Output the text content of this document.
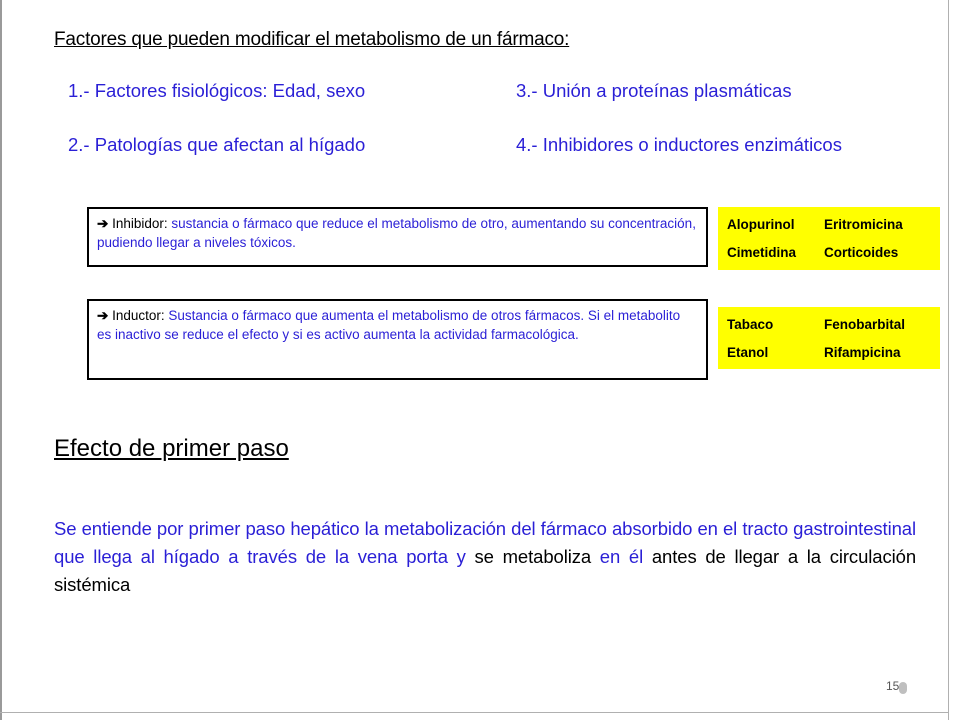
Factores que pueden modificar el metabolismo de un fármaco:
1.- Factores fisiológicos: Edad, sexo
2.- Patologías que afectan al hígado
3.- Unión a proteínas plasmáticas
4.- Inhibidores o inductores enzimáticos
➔ Inhibidor: sustancia o fármaco que reduce el metabolismo de otro, aumentando su concentración, pudiendo llegar a niveles tóxicos.
Alopurinol Eritromicina
Cimetidina Corticoides
➔ Inductor: Sustancia o fármaco que aumenta el metabolismo de otros fármacos. Si el metabolito es inactivo se reduce el efecto y si es activo aumenta la actividad farmacológica.
Tabaco	Fenobarbital
Etanol	Rifampicina
Efecto de primer paso
Se entiende por primer paso hepático la metabolización del fármaco absorbido en el tracto gastrointestinal que llega al hígado a través de la vena porta y se metaboliza en él antes de llegar a la circulación sistémica
15
